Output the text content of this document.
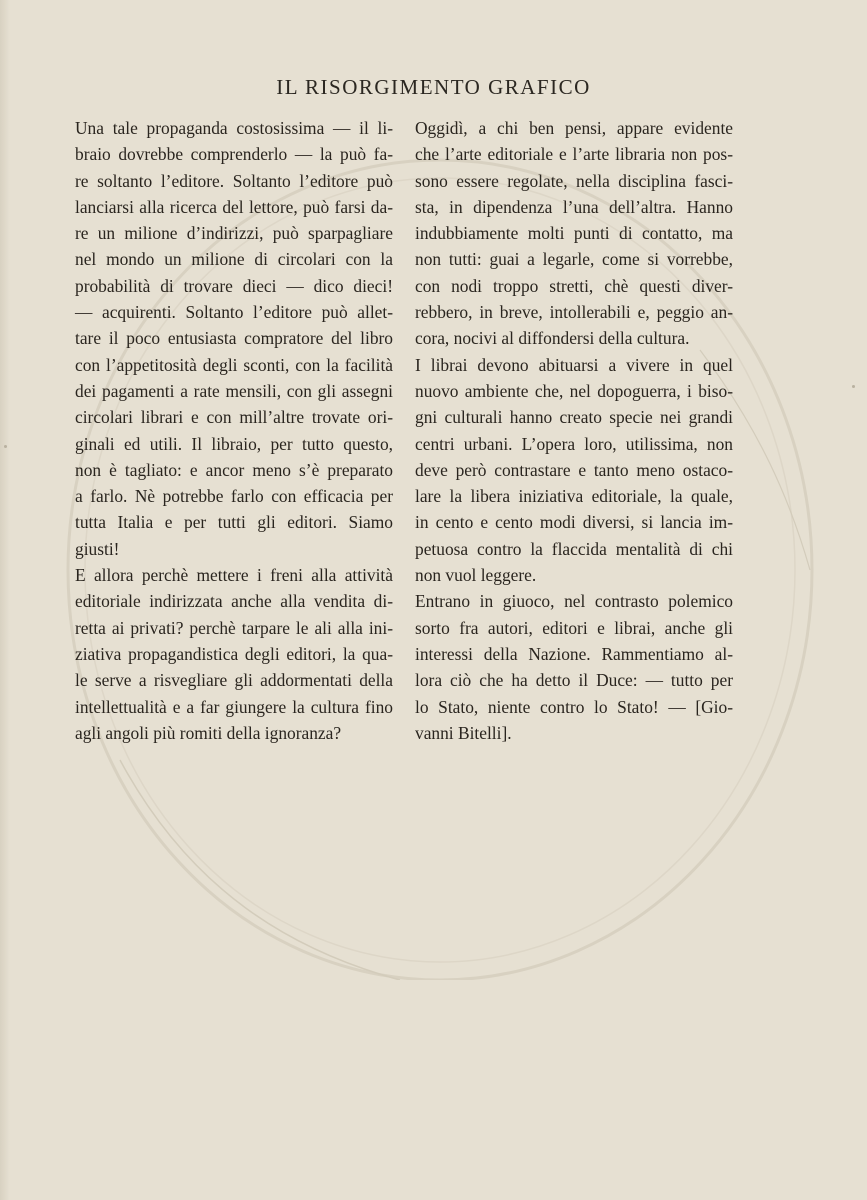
IL RISORGIMENTO GRAFICO
Una tale propaganda costosissima — il li-
braio dovrebbe comprenderlo — la può fa-
re soltanto l’editore. Soltanto l’editore può
lanciarsi alla ricerca del lettore, può farsi da-
re un milione d’indirizzi, può sparpagliare
nel mondo un milione di circolari con la
probabilità di trovare dieci — dico dieci!
— acquirenti. Soltanto l’editore può allet-
tare il poco entusiasta compratore del libro
con l’appetitosità degli sconti, con la facilità
dei pagamenti a rate mensili, con gli assegni
circolari librari e con mill’altre trovate ori-
ginali ed utili. Il libraio, per tutto questo,
non è tagliato: e ancor meno s’è preparato
a farlo. Nè potrebbe farlo con efficacia per
tutta Italia e per tutti gli editori. Siamo
giusti!
E allora perchè mettere i freni alla attività
editoriale indirizzata anche alla vendita di-
retta ai privati? perchè tarpare le ali alla ini-
ziativa propagandistica degli editori, la qua-
le serve a risvegliare gli addormentati della
intellettualità e a far giungere la cultura fino
agli angoli più romiti della ignoranza?
Oggidì, a chi ben pensi, appare evidente
che l’arte editoriale e l’arte libraria non pos-
sono essere regolate, nella disciplina fasci-
sta, in dipendenza l’una dell’altra. Hanno
indubbiamente molti punti di contatto, ma
non tutti: guai a legarle, come si vorrebbe,
con nodi troppo stretti, chè questi diver-
rebbero, in breve, intollerabili e, peggio an-
cora, nocivi al diffondersi della cultura.
I librai devono abituarsi a vivere in quel
nuovo ambiente che, nel dopoguerra, i biso-
gni culturali hanno creato specie nei grandi
centri urbani. L’opera loro, utilissima, non
deve però contrastare e tanto meno ostaco-
lare la libera iniziativa editoriale, la quale,
in cento e cento modi diversi, si lancia im-
petuosa contro la flaccida mentalità di chi
non vuol leggere.
Entrano in giuoco, nel contrasto polemico
sorto fra autori, editori e librai, anche gli
interessi della Nazione. Rammentiamo al-
lora ciò che ha detto il Duce: — tutto per
lo Stato, niente contro lo Stato! — [Gio-
vanni Bitelli].
